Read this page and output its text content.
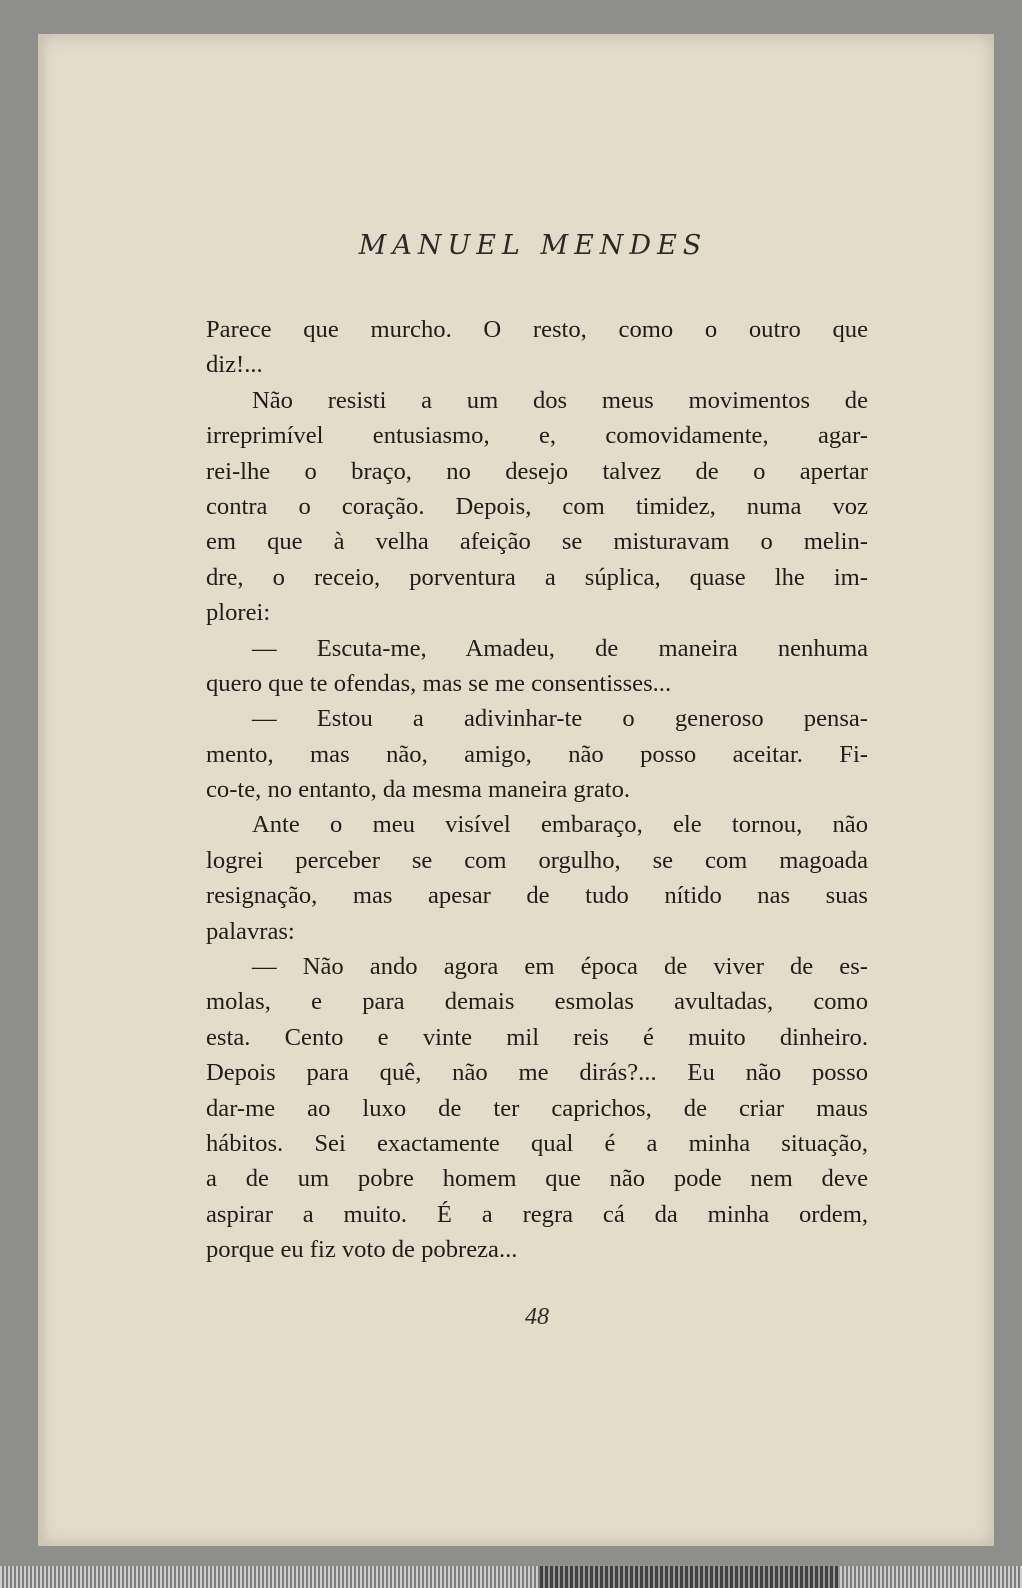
MANUEL MENDES
Parece que murcho. O resto, como o outro que
diz!...
Não resisti a um dos meus movimentos de
irreprimível entusiasmo, e, comovidamente, agar-
rei-lhe o braço, no desejo talvez de o apertar
contra o coração. Depois, com timidez, numa voz
em que à velha afeição se misturavam o melin-
dre, o receio, porventura a súplica, quase lhe im-
plorei:
— Escuta-me, Amadeu, de maneira nenhuma
quero que te ofendas, mas se me consentisses...
— Estou a adivinhar-te o generoso pensa-
mento, mas não, amigo, não posso aceitar. Fi-
co-te, no entanto, da mesma maneira grato.
Ante o meu visível embaraço, ele tornou, não
logrei perceber se com orgulho, se com magoada
resignação, mas apesar de tudo nítido nas suas
palavras:
— Não ando agora em época de viver de es-
molas, e para demais esmolas avultadas, como
esta. Cento e vinte mil reis é muito dinheiro.
Depois para quê, não me dirás?... Eu não posso
dar-me ao luxo de ter caprichos, de criar maus
hábitos. Sei exactamente qual é a minha situação,
a de um pobre homem que não pode nem deve
aspirar a muito. É a regra cá da minha ordem,
porque eu fiz voto de pobreza...
48
